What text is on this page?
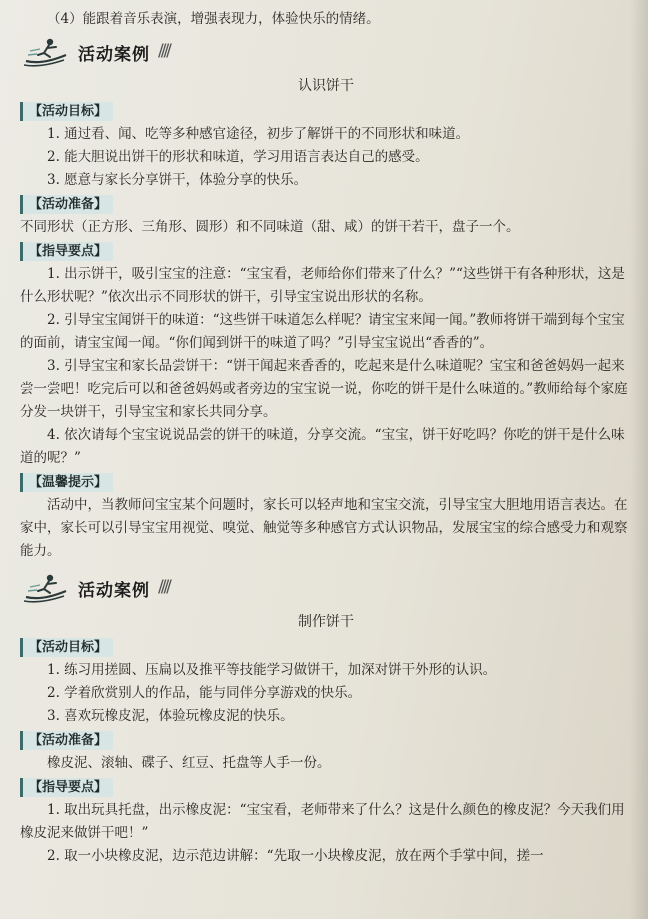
（4）能跟着音乐表演，增强表现力，体验快乐的情绪。

活动案例 ////

认识饼干

【活动目标】

1. 通过看、闻、吃等多种感官途径，初步了解饼干的不同形状和味道。

2. 能大胆说出饼干的形状和味道，学习用语言表达自己的感受。

3. 愿意与家长分享饼干，体验分享的快乐。

【活动准备】

不同形状（正方形、三角形、圆形）和不同味道（甜、咸）的饼干若干，盘子一个。

【指导要点】

1. 出示饼干，吸引宝宝的注意：“宝宝看，老师给你们带来了什么？”“这些饼干有各种形状，这是什么形状呢？”依次出示不同形状的饼干，引导宝宝说出形状的名称。

2. 引导宝宝闻饼干的味道：“这些饼干味道怎么样呢？请宝宝来闻一闻。”教师将饼干端到每个宝宝的面前，请宝宝闻一闻。“你们闻到饼干的味道了吗？”引导宝宝说出“香香的”。

3. 引导宝宝和家长品尝饼干：“饼干闻起来香香的，吃起来是什么味道呢？宝宝和爸爸妈妈一起来尝一尝吧！吃完后可以和爸爸妈妈或者旁边的宝宝说一说，你吃的饼干是什么味道的。”教师给每个家庭分发一块饼干，引导宝宝和家长共同分享。

4. 依次请每个宝宝说说品尝的饼干的味道，分享交流。“宝宝，饼干好吃吗？你吃的饼干是什么味道的呢？”

【温馨提示】

活动中，当教师问宝宝某个问题时，家长可以轻声地和宝宝交流，引导宝宝大胆地用语言表达。在家中，家长可以引导宝宝用视觉、嗅觉、触觉等多种感官方式认识物品，发展宝宝的综合感受力和观察能力。

活动案例 ////

制作饼干

【活动目标】

1. 练习用搓圆、压扁以及推平等技能学习做饼干，加深对饼干外形的认识。

2. 学着欣赏别人的作品，能与同伴分享游戏的快乐。

3. 喜欢玩橡皮泥，体验玩橡皮泥的快乐。

【活动准备】

橡皮泥、滚轴、碟子、红豆、托盘等人手一份。

【指导要点】

1. 取出玩具托盘，出示橡皮泥：“宝宝看，老师带来了什么？这是什么颜色的橡皮泥？今天我们用橡皮泥来做饼干吧！”

2. 取一小块橡皮泥，边示范边讲解：“先取一小块橡皮泥，放在两个手掌中间，搓一
